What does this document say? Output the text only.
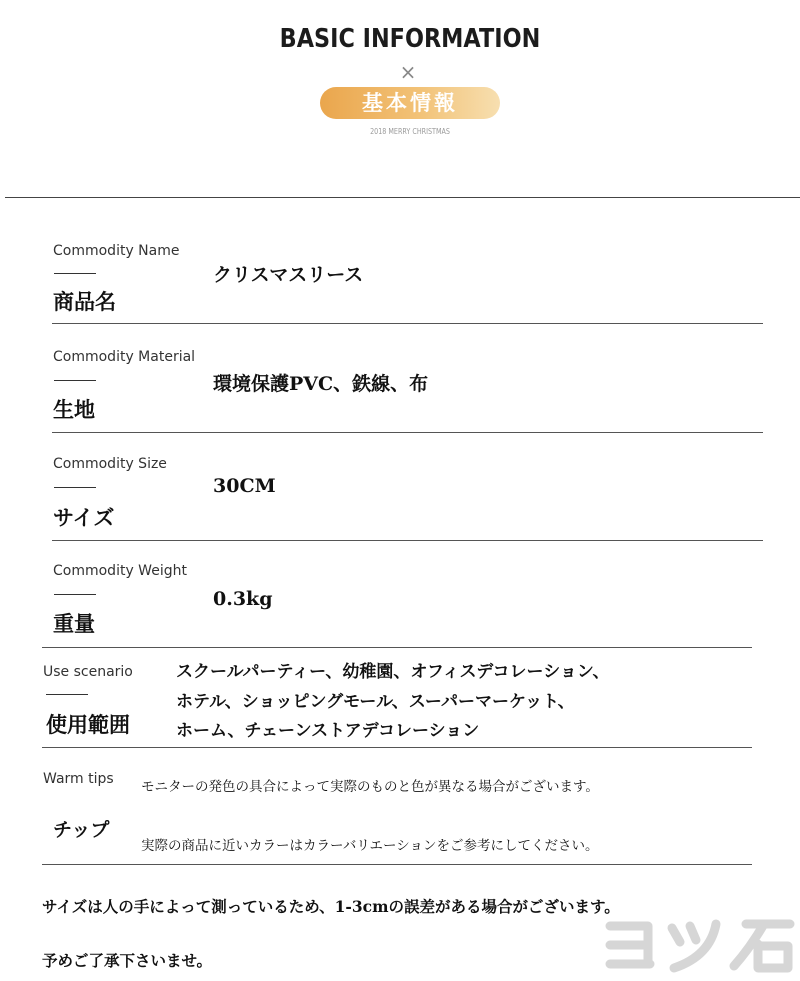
BASIC INFORMATION
×
基本情報
2018 MERRY CHRISTMAS
Commodity Name
商品名
クリスマスリース
Commodity Material
生地
環境保護PVC、鉄線、布
Commodity Size
サイズ
30CM
Commodity Weight
重量
0.3kg
Use scenario
使用範囲
スクールパーティー、幼稚園、オフィスデコレーション、
ホテル、ショッピングモール、スーパーマーケット、
ホーム、チェーンストアデコレーション
Warm tips
チップ
モニターの発色の具合によって実際のものと色が異なる場合がございます。
実際の商品に近いカラーはカラーバリエーションをご参考にしてください。
サイズは人の手によって測っているため、1-3cmの誤差がある場合がございます。
予めご了承下さいませ。
